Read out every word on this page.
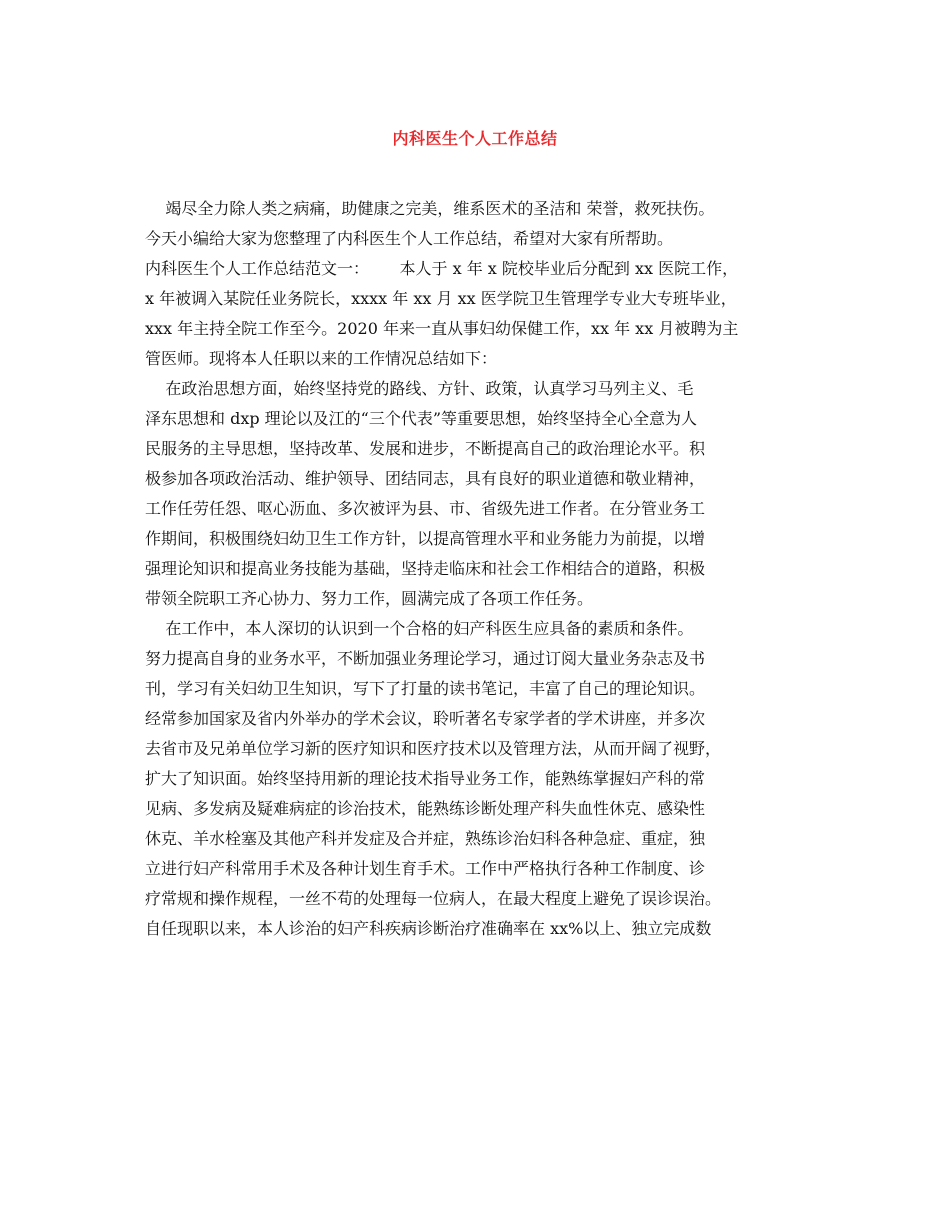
内科医生个人工作总结
竭尽全力除人类之病痛，助健康之完美，维系医术的圣洁和 荣誉，救死扶伤。
今天小编给大家为您整理了内科医生个人工作总结，希望对大家有所帮助。
内科医生个人工作总结范文一：      本人于 x 年 x 院校毕业后分配到 xx 医院工作，
x 年被调入某院任业务院长，xxxx 年 xx 月 xx 医学院卫生管理学专业大专班毕业，
xxx 年主持全院工作至今。2020 年来一直从事妇幼保健工作，xx 年 xx 月被聘为主
管医师。现将本人任职以来的工作情况总结如下：
在政治思想方面，始终坚持党的路线、方针、政策，认真学习马列主义、毛
泽东思想和 dxp 理论以及江的“三个代表”等重要思想，始终坚持全心全意为人
民服务的主导思想，坚持改革、发展和进步，不断提高自己的政治理论水平。积
极参加各项政治活动、维护领导、团结同志，具有良好的职业道德和敬业精神，
工作任劳任怨、呕心沥血、多次被评为县、市、省级先进工作者。在分管业务工
作期间，积极围绕妇幼卫生工作方针，以提高管理水平和业务能力为前提，以增
强理论知识和提高业务技能为基础，坚持走临床和社会工作相结合的道路，积极
带领全院职工齐心协力、努力工作，圆满完成了各项工作任务。
在工作中，本人深切的认识到一个合格的妇产科医生应具备的素质和条件。
努力提高自身的业务水平，不断加强业务理论学习，通过订阅大量业务杂志及书
刊，学习有关妇幼卫生知识，写下了打量的读书笔记，丰富了自己的理论知识。
经常参加国家及省内外举办的学术会议，聆听著名专家学者的学术讲座，并多次
去省市及兄弟单位学习新的医疗知识和医疗技术以及管理方法，从而开阔了视野，
扩大了知识面。始终坚持用新的理论技术指导业务工作，能熟练掌握妇产科的常
见病、多发病及疑难病症的诊治技术，能熟练诊断处理产科失血性休克、感染性
休克、羊水栓塞及其他产科并发症及合并症，熟练诊治妇科各种急症、重症，独
立进行妇产科常用手术及各种计划生育手术。工作中严格执行各种工作制度、诊
疗常规和操作规程，一丝不苟的处理每一位病人，在最大程度上避免了误诊误治。
自任现职以来，本人诊治的妇产科疾病诊断治疗准确率在 xx%以上、独立完成数
